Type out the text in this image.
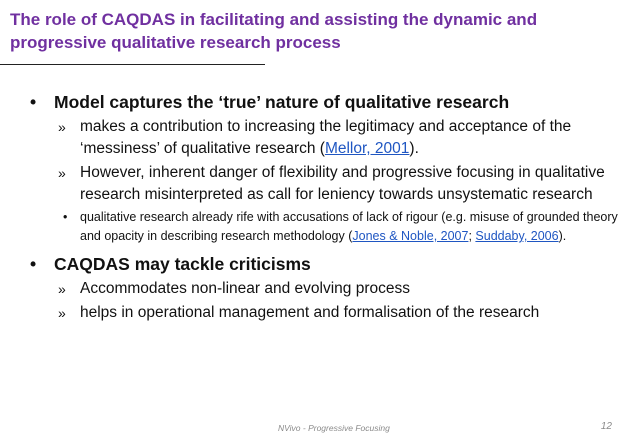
The role of CAQDAS in facilitating and assisting the dynamic and
progressive qualitative research process

• Model captures the ‘true’ nature of qualitative research

» makes a contribution to increasing the legitimacy and acceptance of the ‘messiness’ of qualitative research (Mellor, 2001).

» However, inherent danger of flexibility and progressive focusing in qualitative research misinterpreted as call for leniency towards unsystematic research

• qualitative research already rife with accusations of lack of rigour (e.g. misuse of grounded theory and opacity in describing research methodology (Jones & Noble, 2007; Suddaby, 2006).

• CAQDAS may tackle criticisms

» Accommodates non-linear and evolving process

» helps in operational management and formalisation of the research

NVivo - Progressive Focusing	12
